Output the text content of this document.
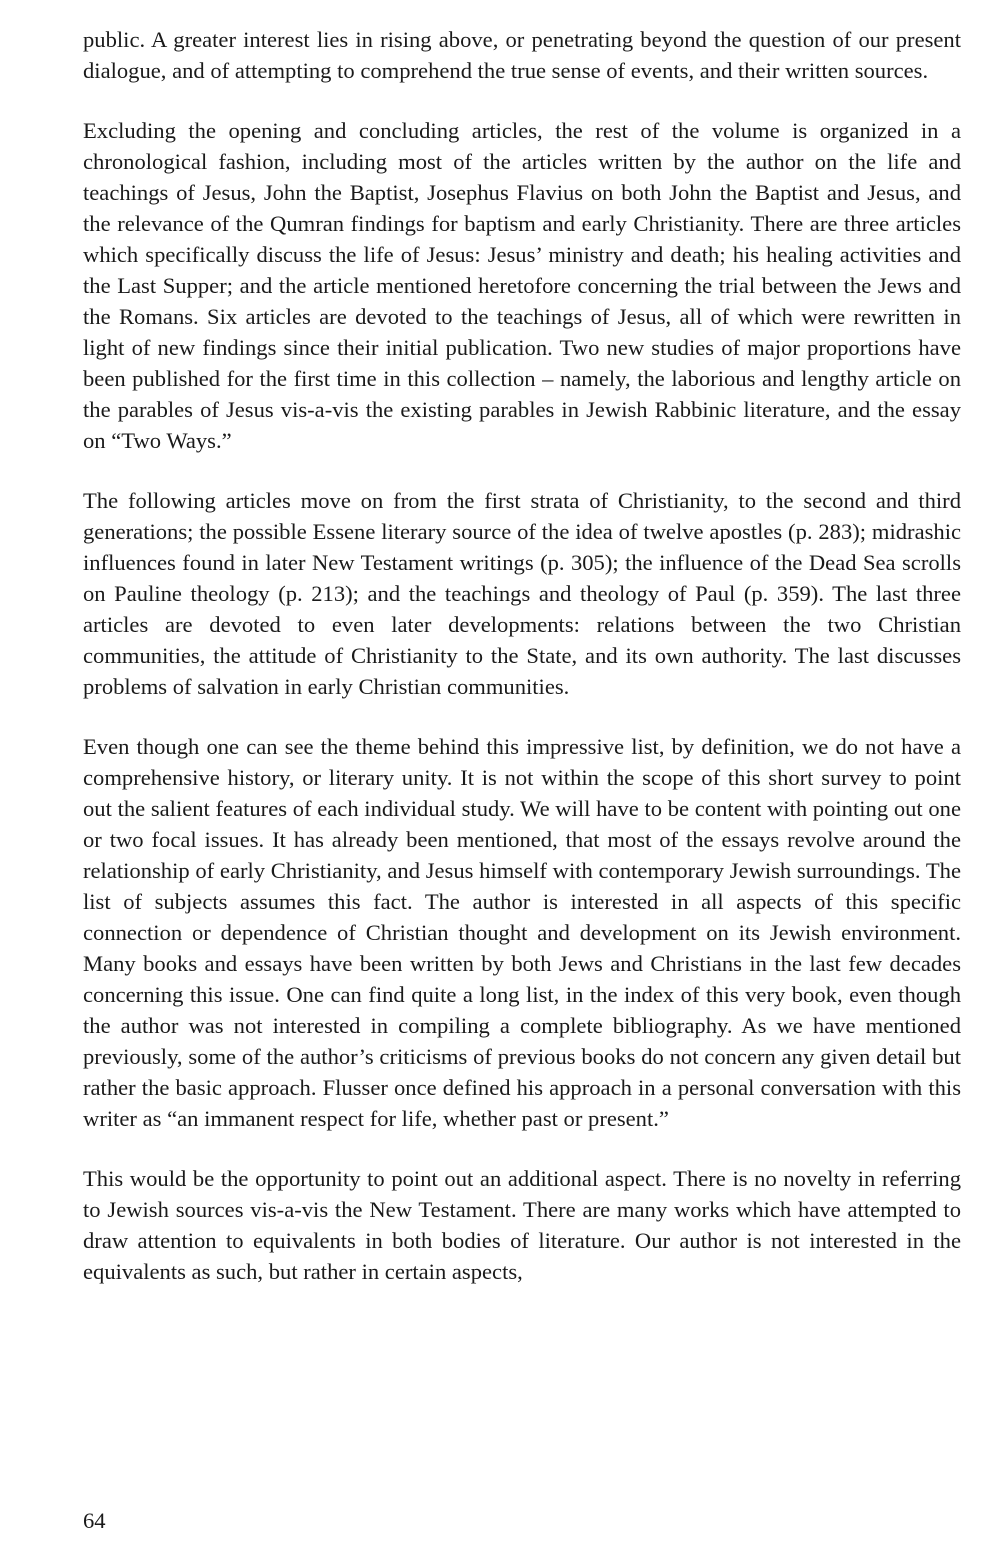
public. A greater interest lies in rising above, or penetrating beyond the question of our present dialogue, and of attempting to comprehend the true sense of events, and their written sources.

Excluding the opening and concluding articles, the rest of the volume is organized in a chronological fashion, including most of the articles written by the author on the life and teachings of Jesus, John the Baptist, Josephus Flavius on both John the Baptist and Jesus, and the relevance of the Qumran findings for baptism and early Christianity. There are three articles which specifically discuss the life of Jesus: Jesus’ ministry and death; his healing activities and the Last Supper; and the article mentioned heretofore concerning the trial between the Jews and the Romans. Six articles are devoted to the teachings of Jesus, all of which were rewritten in light of new findings since their initial publication. Two new studies of major proportions have been published for the first time in this collection – namely, the laborious and lengthy article on the parables of Jesus vis-a-vis the existing parables in Jewish Rabbinic literature, and the essay on “Two Ways.”

The following articles move on from the first strata of Christianity, to the second and third generations; the possible Essene literary source of the idea of twelve apostles (p. 283); midrashic influences found in later New Testament writings (p. 305); the influence of the Dead Sea scrolls on Pauline theology (p. 213); and the teachings and theology of Paul (p. 359). The last three articles are devoted to even later developments: relations between the two Christian communities, the attitude of Christianity to the State, and its own authority. The last discusses problems of salvation in early Christian communities.

Even though one can see the theme behind this impressive list, by definition, we do not have a comprehensive history, or literary unity. It is not within the scope of this short survey to point out the salient features of each individual study. We will have to be content with pointing out one or two focal issues. It has already been mentioned, that most of the essays revolve around the relationship of early Christianity, and Jesus himself with contemporary Jewish surroundings. The list of subjects assumes this fact. The author is interested in all aspects of this specific connection or dependence of Christian thought and development on its Jewish environment. Many books and essays have been written by both Jews and Christians in the last few decades concerning this issue. One can find quite a long list, in the index of this very book, even though the author was not interested in compiling a complete bibliography. As we have mentioned previously, some of the author’s criticisms of previous books do not concern any given detail but rather the basic approach. Flusser once defined his approach in a personal conversation with this writer as “an immanent respect for life, whether past or present.”

This would be the opportunity to point out an additional aspect. There is no novelty in referring to Jewish sources vis-a-vis the New Testament. There are many works which have attempted to draw attention to equivalents in both bodies of literature. Our author is not interested in the equivalents as such, but rather in certain aspects,

64
